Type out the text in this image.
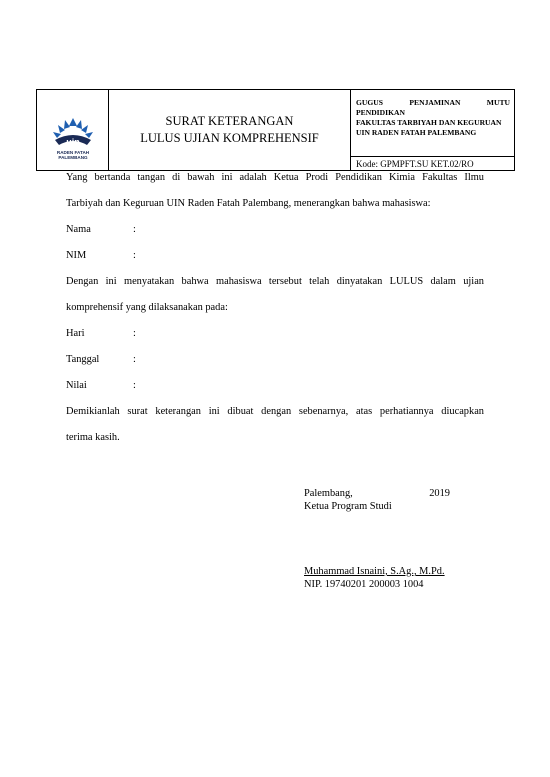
uin
RADEN FATAH
PALEMBANG
SURAT KETERANGAN
LULUS UJIAN KOMPREHENSIF
GUGUS PENJAMINAN MUTU PENDIDIKAN
FAKULTAS TARBIYAH DAN KEGURUAN
UIN RADEN FATAH PALEMBANG
Kode: GPMPFT.SU KET.02/RO
Yang bertanda tangan di bawah ini adalah Ketua Prodi Pendidikan Kimia Fakultas Ilmu
Tarbiyah dan Keguruan UIN Raden Fatah Palembang, menerangkan bahwa mahasiswa:
Nama	:
NIM	:
Dengan ini menyatakan bahwa mahasiswa tersebut telah dinyatakan LULUS dalam ujian
komprehensif yang dilaksanakan pada:
Hari	:
Tanggal	:
Nilai	:
Demikianlah surat keterangan ini dibuat dengan sebenarnya, atas perhatiannya diucapkan
terima kasih.
Palembang,	2019
Ketua Program Studi
Muhammad Isnaini, S.Ag., M.Pd.
NIP. 19740201 200003 1004
